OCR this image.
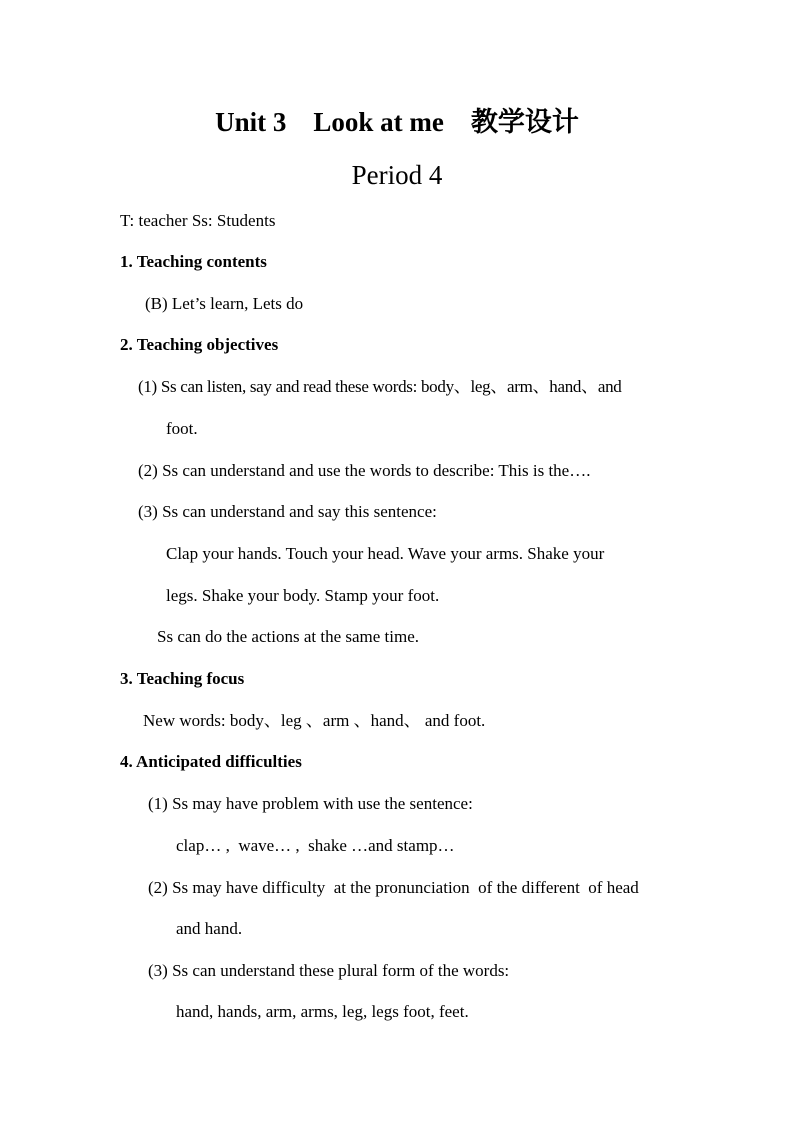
Unit 3    Look at me    教学设计
Period 4
T: teacher Ss: Students
1. Teaching contents
(B) Let’s learn, Lets do
2. Teaching objectives
(1) Ss can listen, say and read these words: body、leg、arm、hand、and
foot.
(2) Ss can understand and use the words to describe: This is the….
(3) Ss can understand and say this sentence:
Clap your hands. Touch your head. Wave your arms. Shake your
legs. Shake your body. Stamp your foot.
Ss can do the actions at the same time.
3. Teaching focus
New words: body、leg 、arm 、hand、 and foot.
4. Anticipated difficulties
(1) Ss may have problem with use the sentence:
clap… ,  wave… ,  shake …and stamp…
(2) Ss may have difficulty  at the pronunciation  of the different  of head
and hand.
(3) Ss can understand these plural form of the words:
hand, hands, arm, arms, leg, legs foot, feet.
